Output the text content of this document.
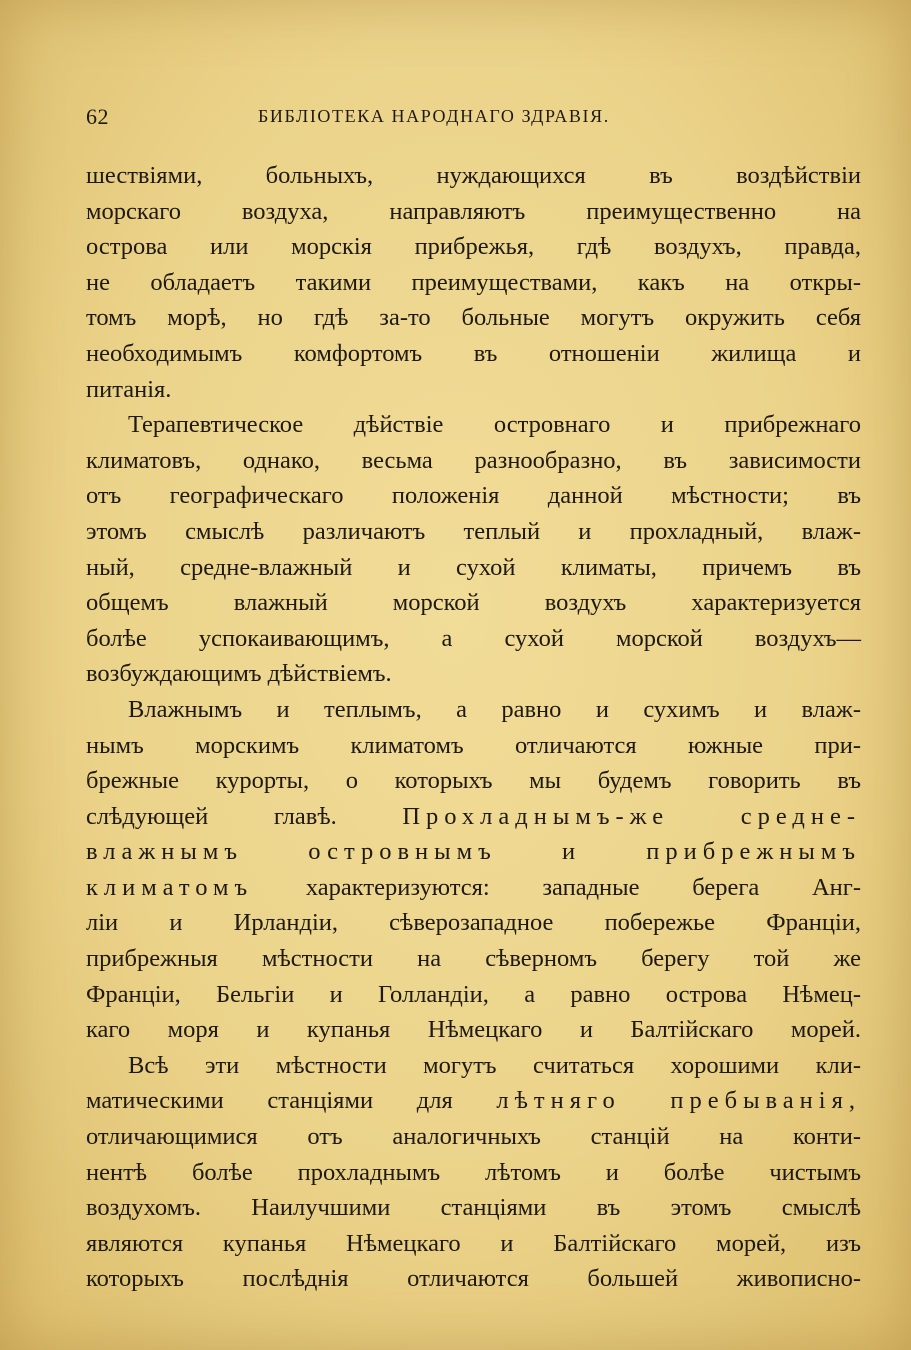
62	БИБЛІОТЕКА НАРОДНАГО ЗДРАВІЯ.
шествіями, больныхъ, нуждающихся въ воздѣйствіи
морскаго воздуха, направляютъ преимущественно на
острова или морскія прибрежья, гдѣ воздухъ, правда,
не обладаетъ такими преимуществами, какъ на откры-
томъ морѣ, но гдѣ за-то больные могутъ окружить себя
необходимымъ комфортомъ въ отношеніи жилища и
питанія.
Терапевтическое дѣйствіе островнаго и прибрежнаго
климатовъ, однако, весьма разнообразно, въ зависимости
отъ географическаго положенія данной мѣстности; въ
этомъ смыслѣ различаютъ теплый и прохладный, влаж-
ный, средне-влажный и сухой климаты, причемъ въ
общемъ влажный морской воздухъ характеризуется
болѣе успокаивающимъ, а сухой морской воздухъ—
возбуждающимъ дѣйствіемъ.
Влажнымъ и теплымъ, а равно и сухимъ и влаж-
нымъ морскимъ климатомъ отличаются южные при-
брежные курорты, о которыхъ мы будемъ говорить въ
слѣдующей главѣ.	Прохладнымъ-же средне-
влажнымъ островнымъ и прибрежнымъ
климатомъ характеризуются: западные берега Анг-
ліи и Ирландіи, сѣверозападное побережье Франціи,
прибрежныя мѣстности на сѣверномъ берегу той же
Франціи, Бельгіи и Голландіи, а равно острова Нѣмец-
каго моря и купанья Нѣмецкаго и Балтійскаго морей.
Всѣ эти мѣстности могутъ считаться хорошими кли-
матическими станціями для лѣтняго пребыванія,
отличающимися отъ аналогичныхъ станцій на конти-
нентѣ болѣе прохладнымъ лѣтомъ и болѣе чистымъ
воздухомъ. Наилучшими станціями въ этомъ смыслѣ
являются купанья Нѣмецкаго и Балтійскаго морей, изъ
которыхъ послѣднія отличаются большей живописно-
